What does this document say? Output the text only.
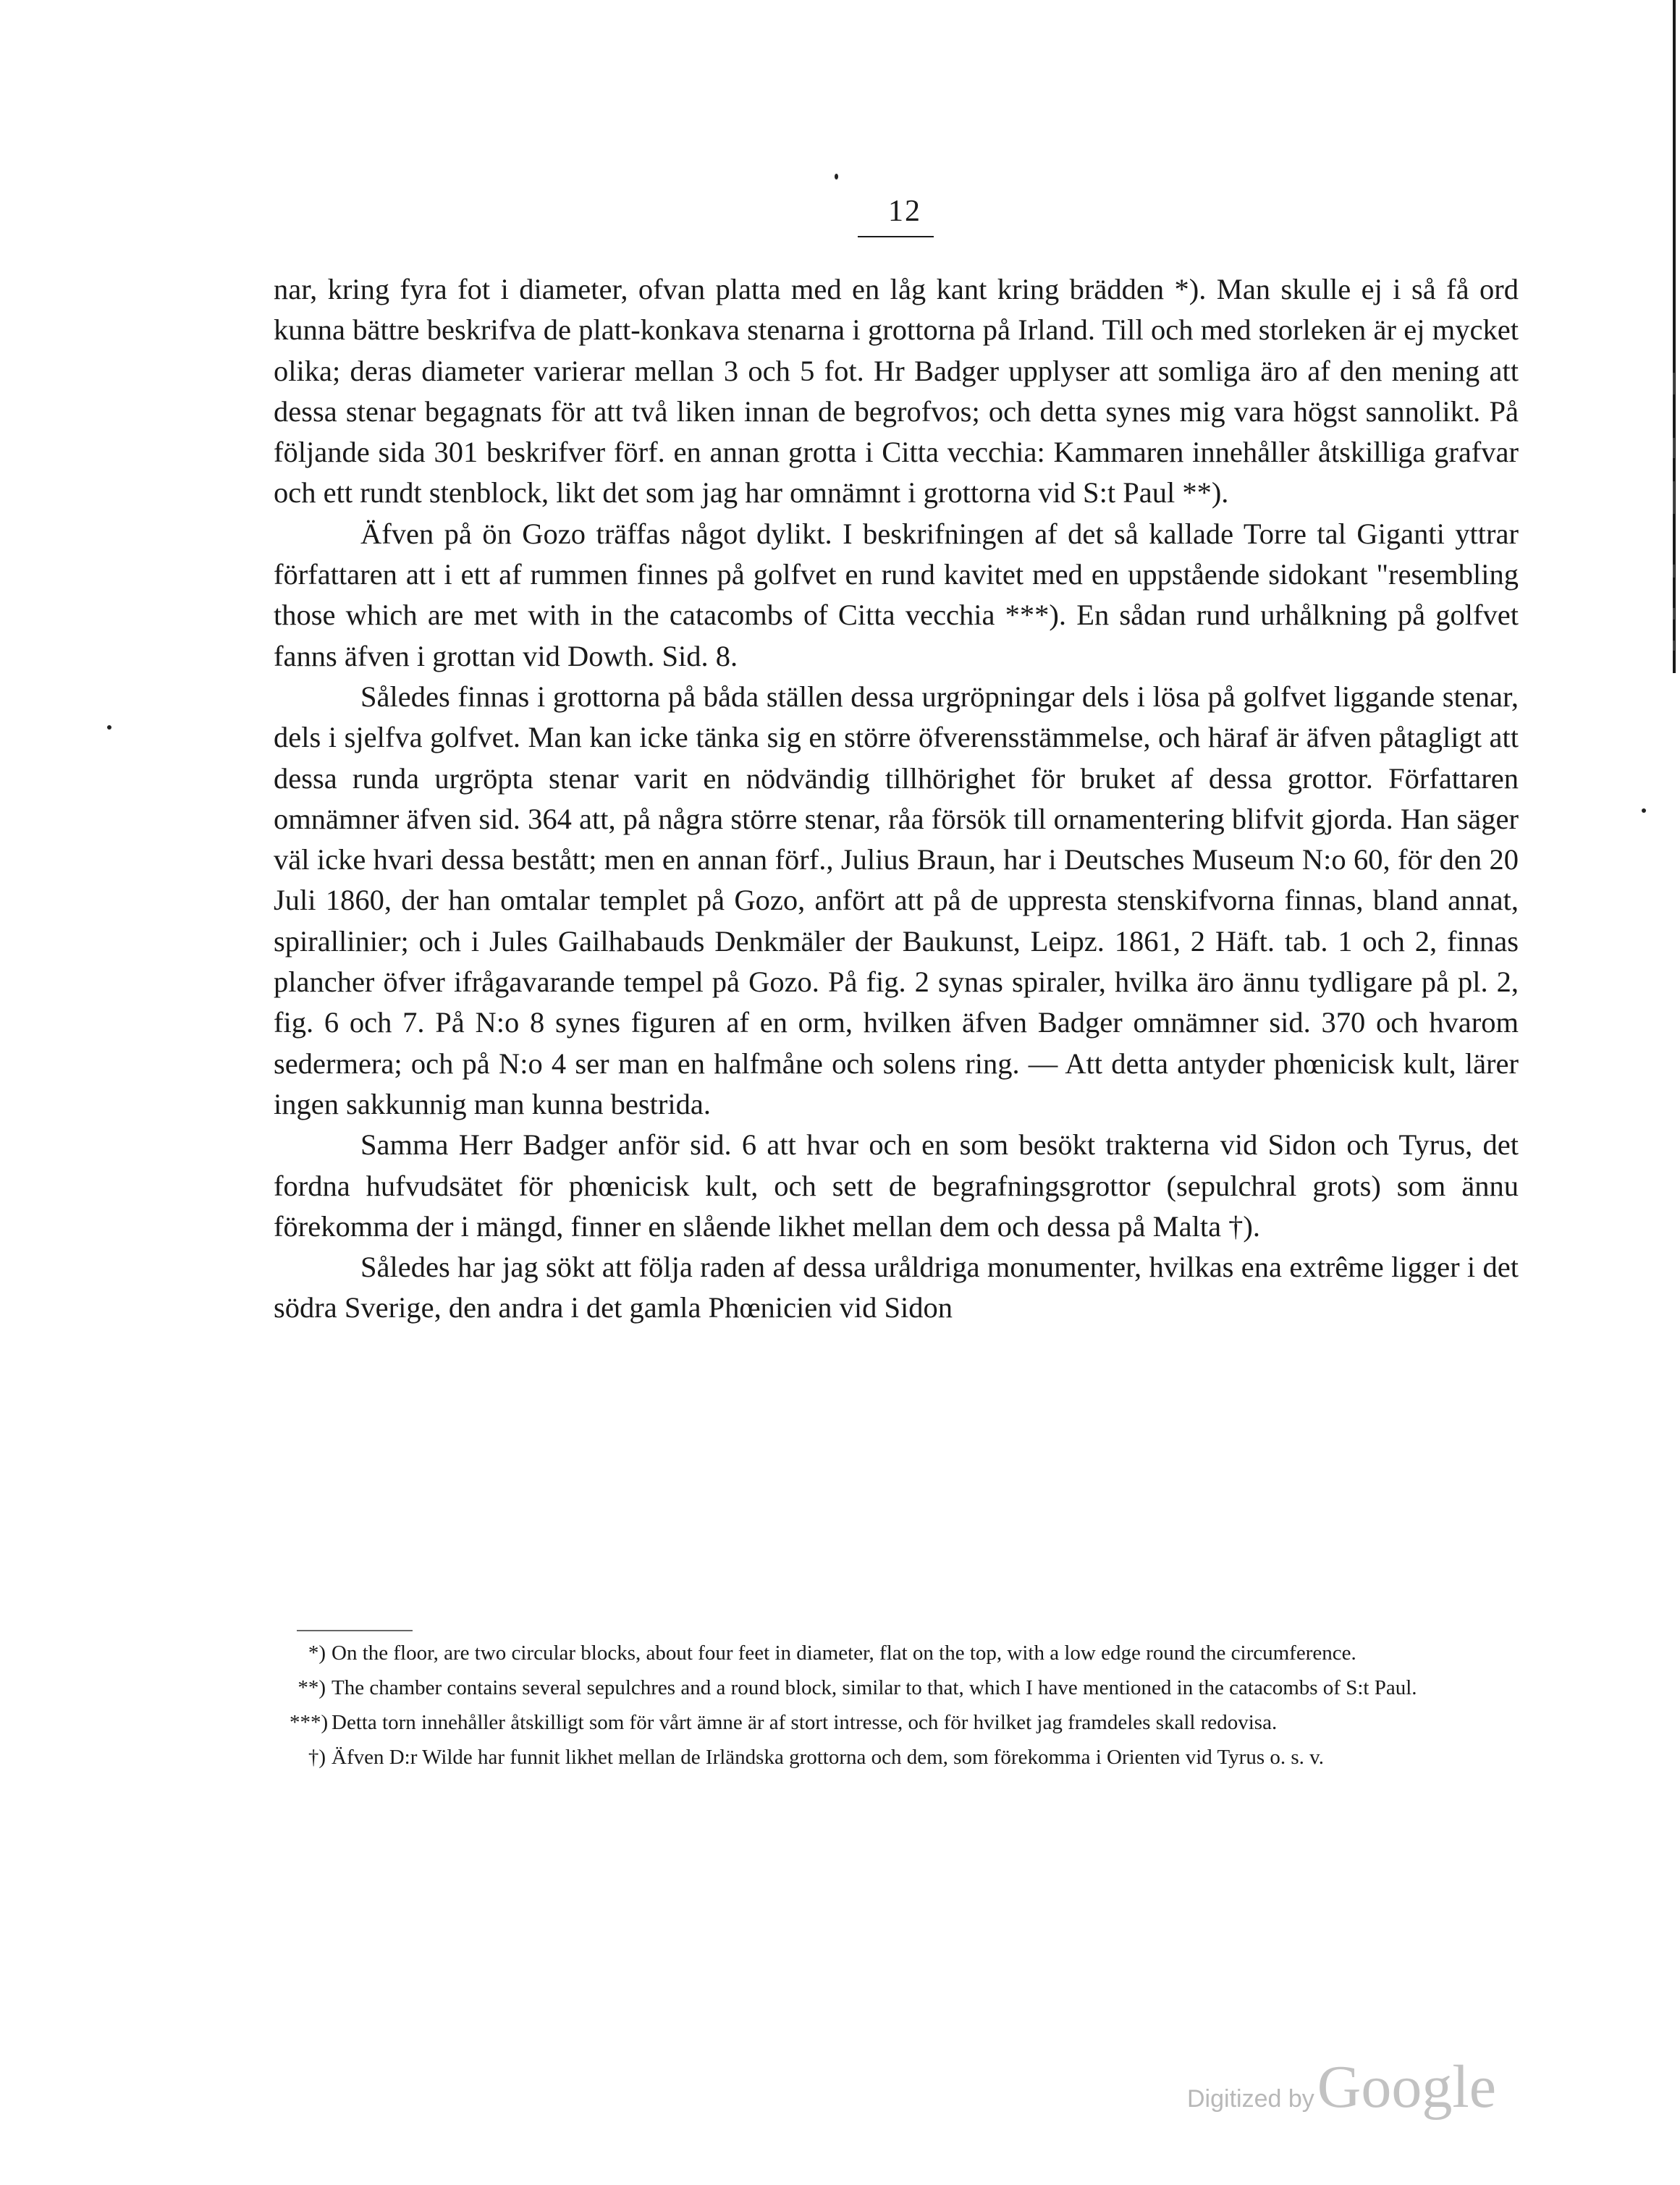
12

nar, kring fyra fot i diameter, ofvan platta med en låg kant kring brädden *). Man skulle ej i så få ord kunna bättre beskrifva de platt-konkava stenarna i grottorna på Irland. Till och med storleken är ej mycket olika; deras diameter varierar mellan 3 och 5 fot. Hr Badger upplyser att somliga äro af den mening att dessa stenar begagnats för att två liken innan de begrofvos; och detta synes mig vara högst sannolikt. På följande sida 301 beskrifver förf. en annan grotta i Citta vecchia: Kammaren innehåller åtskilliga grafvar och ett rundt stenblock, likt det som jag har omnämnt i grottorna vid S:t Paul **).

Äfven på ön Gozo träffas något dylikt. I beskrifningen af det så kallade Torre tal Giganti yttrar författaren att i ett af rummen finnes på golfvet en rund kavitet med en uppstående sidokant "resembling those which are met with in the catacombs of Citta vecchia ***). En sådan rund urhålkning på golfvet fanns äfven i grottan vid Dowth. Sid. 8.

Således finnas i grottorna på båda ställen dessa urgröpningar dels i lösa på golfvet liggande stenar, dels i sjelfva golfvet. Man kan icke tänka sig en större öfverensstämmelse, och häraf är äfven påtagligt att dessa runda urgröpta stenar varit en nödvändig tillhörighet för bruket af dessa grottor. Författaren omnämner äfven sid. 364 att, på några större stenar, råa försök till ornamentering blifvit gjorda. Han säger väl icke hvari dessa bestått; men en annan förf., Julius Braun, har i Deutsches Museum N:o 60, för den 20 Juli 1860, der han omtalar templet på Gozo, anfört att på de uppresta stenskifvorna finnas, bland annat, spirallinier; och i Jules Gailhabauds Denkmäler der Baukunst, Leipz. 1861, 2 Häft. tab. 1 och 2, finnas plancher öfver ifrågavarande tempel på Gozo. På fig. 2 synas spiraler, hvilka äro ännu tydligare på pl. 2, fig. 6 och 7. På N:o 8 synes figuren af en orm, hvilken äfven Badger omnämner sid. 370 och hvarom sedermera; och på N:o 4 ser man en halfmåne och solens ring. — Att detta antyder phœnicisk kult, lärer ingen sakkunnig man kunna bestrida.

Samma Herr Badger anför sid. 6 att hvar och en som besökt trakterna vid Sidon och Tyrus, det fordna hufvudsätet för phœnicisk kult, och sett de begrafningsgrottor (sepulchral grots) som ännu förekomma der i mängd, finner en slående likhet mellan dem och dessa på Malta †).

Således har jag sökt att följa raden af dessa uråldriga monumenter, hvilkas ena extrême ligger i det södra Sverige, den andra i det gamla Phœnicien vid Sidon

*) On the floor, are two circular blocks, about four feet in diameter, flat on the top, with a low edge round the circumference.
**) The chamber contains several sepulchres and a round block, similar to that, which I have mentioned in the catacombs of S:t Paul.
***) Detta torn innehåller åtskilligt som för vårt ämne är af stort intresse, och för hvilket jag framdeles skall redovisa.
†) Äfven D:r Wilde har funnit likhet mellan de Irländska grottorna och dem, som förekomma i Orienten vid Tyrus o. s. v.
Digitized by Google
